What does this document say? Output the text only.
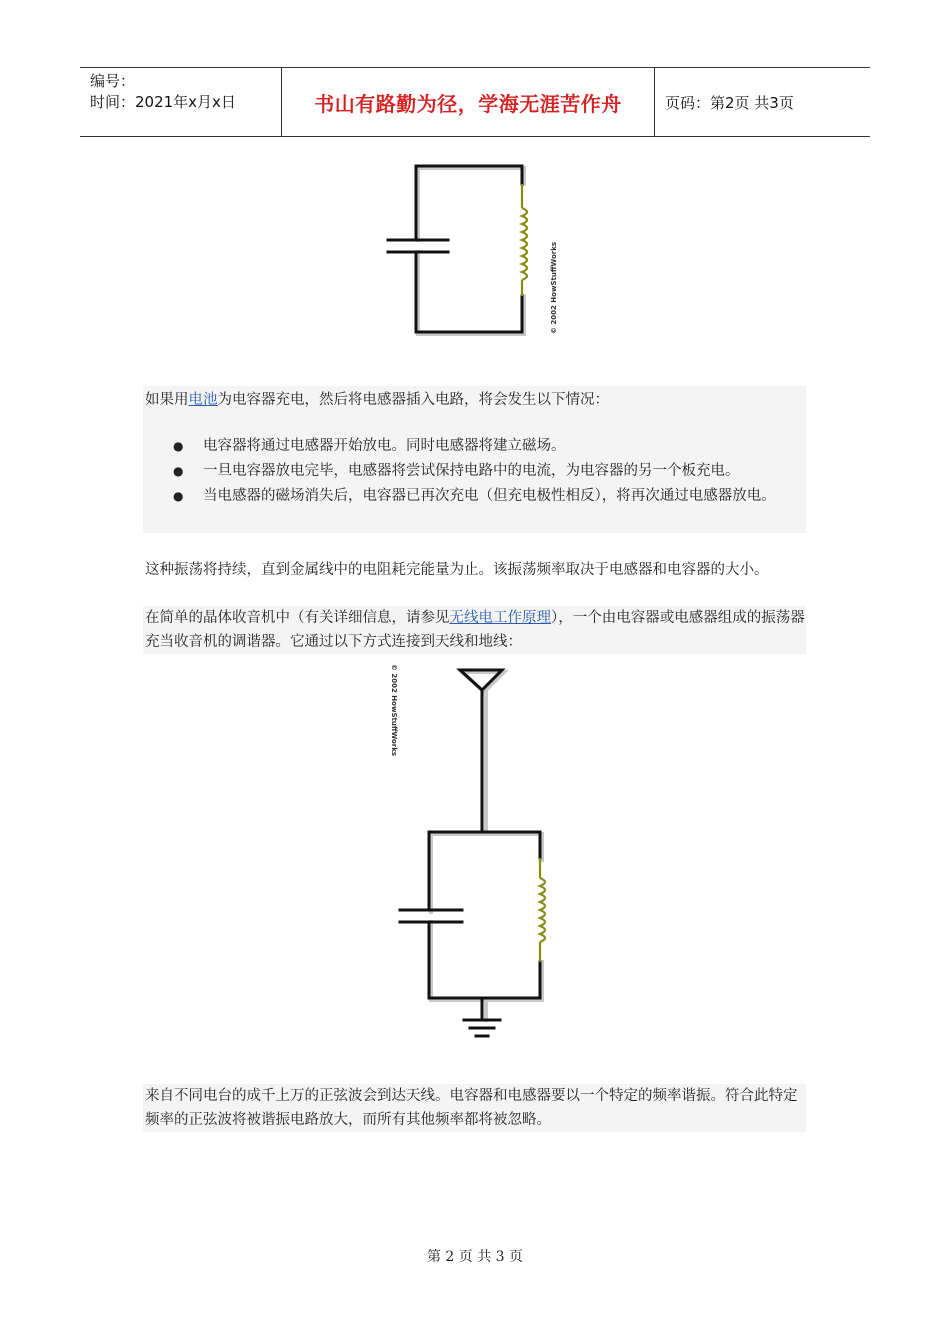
编号：
时间：2021年x月x日	书山有路勤为径，学海无涯苦作舟	页码：第2页 共3页
© 2002 HowStuffWorks
如果用电池为电容器充电，然后将电感器插入电路，将会发生以下情况：
● 电容器将通过电感器开始放电。同时电感器将建立磁场。
● 一旦电容器放电完毕，电感器将尝试保持电路中的电流，为电容器的另一个板充电。
● 当电感器的磁场消失后，电容器已再次充电（但充电极性相反），将再次通过电感器放电。
这种振荡将持续，直到金属线中的电阻耗完能量为止。该振荡频率取决于电感器和电容器的大小。
在简单的晶体收音机中（有关详细信息，请参见无线电工作原理），一个由电容器或电感器组成的振荡器充当收音机的调谐器。它通过以下方式连接到天线和地线：
© 2002 HowStuffWorks
来自不同电台的成千上万的正弦波会到达天线。电容器和电感器要以一个特定的频率谐振。符合此特定频率的正弦波将被谐振电路放大，而所有其他频率都将被忽略。
第 2 页 共 3 页
